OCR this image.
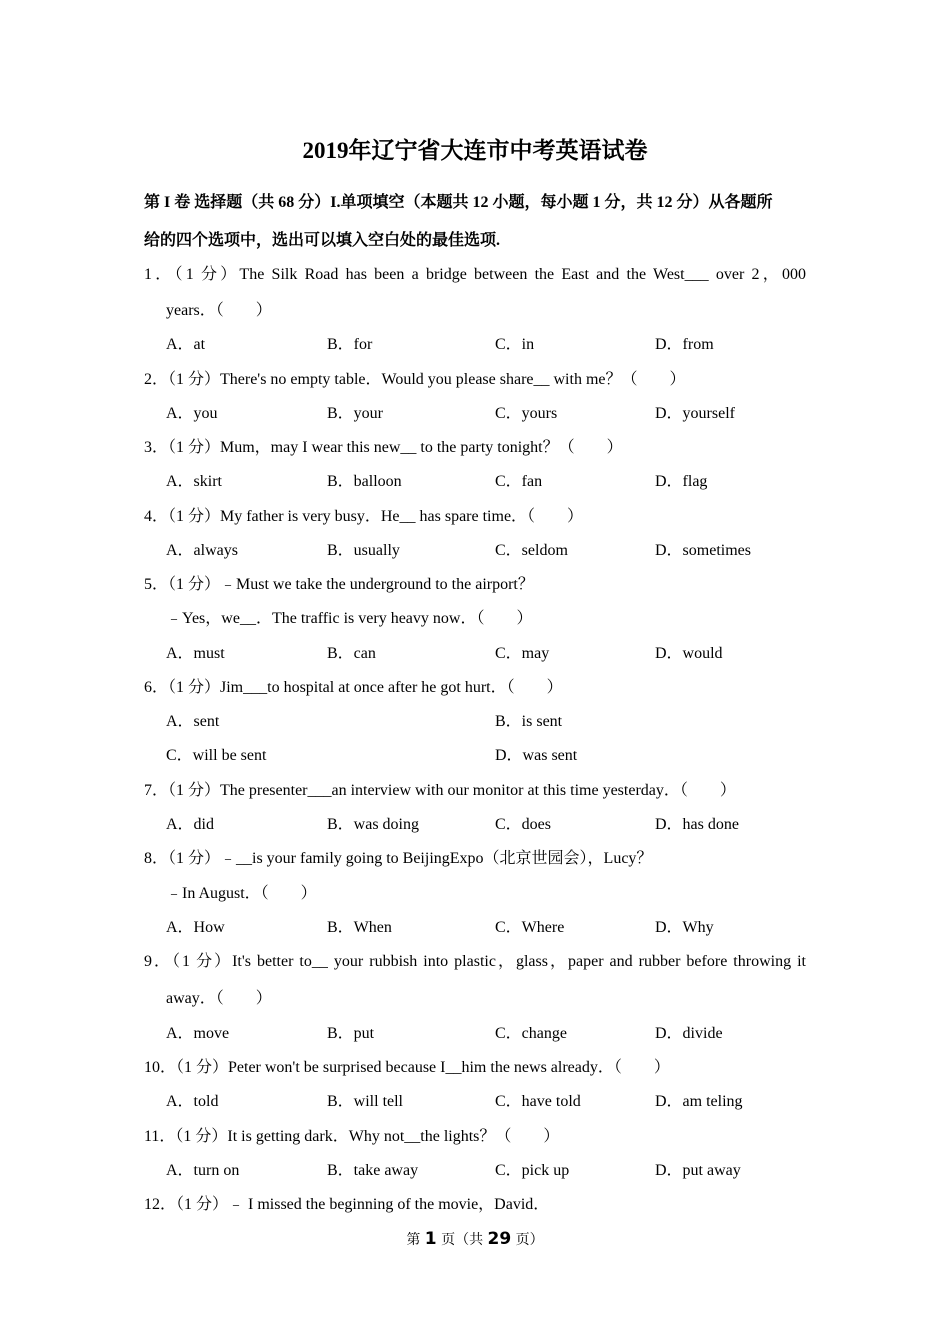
2019年辽宁省大连市中考英语试卷
第 I 卷 选择题（共 68 分）I.单项填空（本题共 12 小题，每小题 1 分，共 12 分）从各题所
给的四个选项中，选出可以填入空白处的最佳选项.
1．（1 分）The Silk Road has been a bridge between the East and the West___ over 2，000
years．（　　）
A．at	B．for	C．in	D．from
2．（1 分）There's no empty table．Would you please share__ with me？（　　）
A．you	B．your	C．yours	D．yourself
3．（1 分）Mum，may I wear this new__ to the party tonight？（　　）
A．skirt	B．balloon	C．fan	D．flag
4．（1 分）My father is very busy．He__ has spare time．（　　）
A．always	B．usually	C．seldom	D．sometimes
5．（1 分）﹣Must we take the underground to the airport？
﹣Yes，we__．The traffic is very heavy now．（　　）
A．must	B．can	C．may	D．would
6．（1 分）Jim___to hospital at once after he got hurt．（　　）
A．sent	B．is sent
C．will be sent	D．was sent
7．（1 分）The presenter___an interview with our monitor at this time yesterday．（　　）
A．did	B．was doing	C．does	D．has done
8．（1 分）﹣__is your family going to BeijingExpo（北京世园会），Lucy？
﹣In August．（　　）
A．How	B．When	C．Where	D．Why
9．（1 分）It's better to__ your rubbish into plastic，glass，paper and rubber before throwing it
away．（　　）
A．move	B．put	C．change	D．divide
10．（1 分）Peter won't be surprised because I__him the news already．（　　）
A．told	B．will tell	C．have told	D．am teling
11．（1 分）It is getting dark．Why not__the lights？（　　）
A．turn on	B．take away	C．pick up	D．put away
12．（1 分）﹣ I missed the beginning of the movie，David．
第 1 页（共 29 页）
